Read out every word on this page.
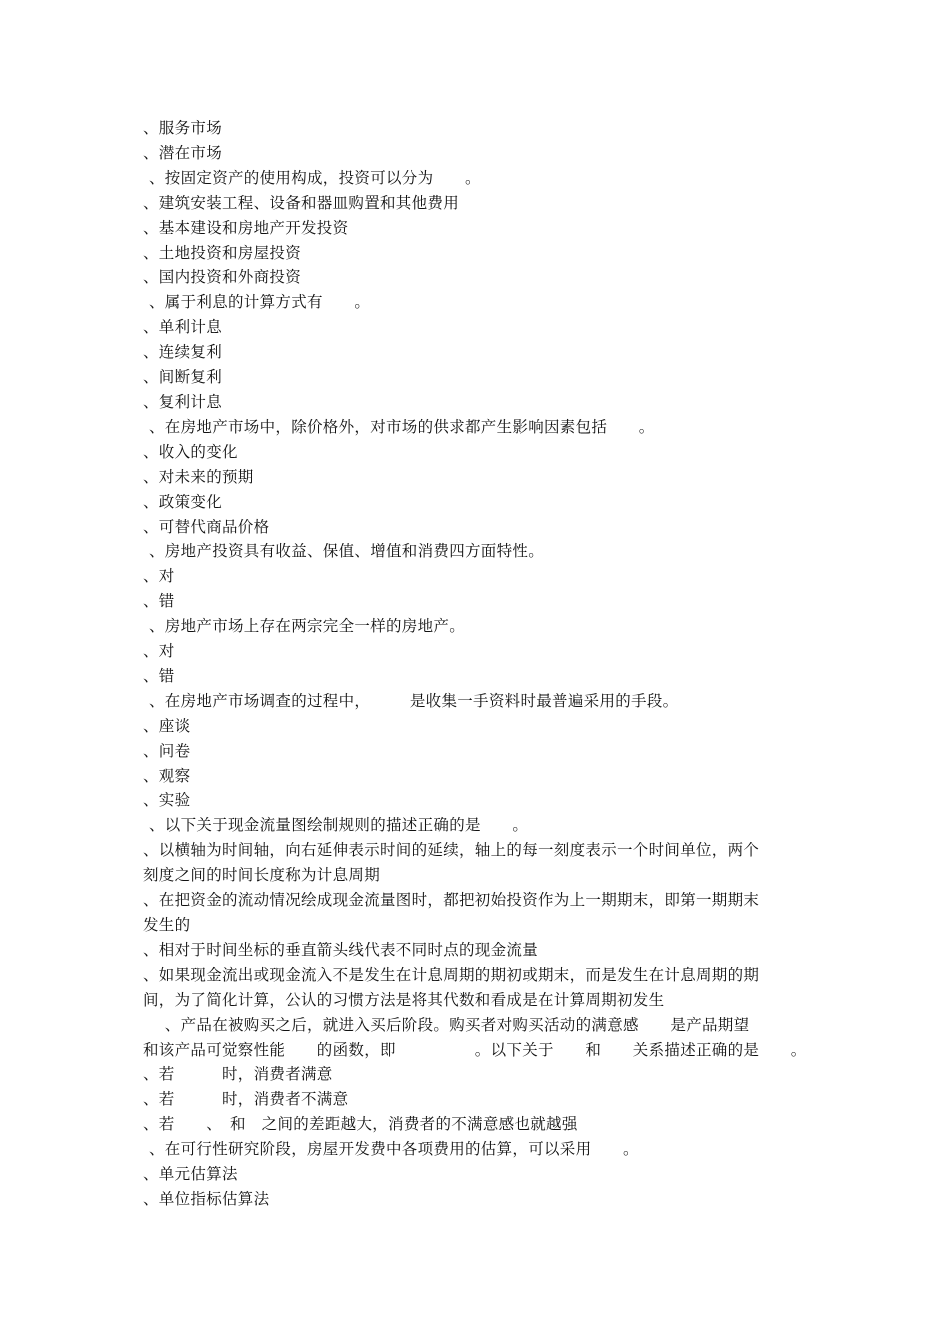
、服务市场

、潜在市场

、按固定资产的使用构成，投资可以分为　　。

、建筑安装工程、设备和器皿购置和其他费用

、基本建设和房地产开发投资

、土地投资和房屋投资

、国内投资和外商投资

、属于利息的计算方式有　　。

、单利计息

、连续复利

、间断复利

、复利计息

、在房地产市场中，除价格外，对市场的供求都产生影响因素包括　　。

、收入的变化

、对未来的预期

、政策变化

、可替代商品价格

、房地产投资具有收益、保值、增值和消费四方面特性。

、对

、错

、房地产市场上存在两宗完全一样的房地产。

、对

、错

、在房地产市场调查的过程中，　　　是收集一手资料时最普遍采用的手段。

、座谈

、问卷

、观察

、实验

、以下关于现金流量图绘制规则的描述正确的是　　。

、以横轴为时间轴，向右延伸表示时间的延续，轴上的每一刻度表示一个时间单位，两个

刻度之间的时间长度称为计息周期

、在把资金的流动情况绘成现金流量图时，都把初始投资作为上一期期末，即第一期期末

发生的

、相对于时间坐标的垂直箭头线代表不同时点的现金流量

、如果现金流出或现金流入不是发生在计息周期的期初或期末，而是发生在计息周期的期

间，为了简化计算，公认的习惯方法是将其代数和看成是在计算周期初发生

　、产品在被购买之后，就进入买后阶段。购买者对购买活动的满意感　　是产品期望

和该产品可觉察性能　　的函数，即　　　　　。以下关于　　和　　关系描述正确的是　　。

、若　　　时，消费者满意

、若　　　时，消费者不满意

、若　　、　和　之间的差距越大，消费者的不满意感也就越强

、在可行性研究阶段，房屋开发费中各项费用的估算，可以采用　　。

、单元估算法

、单位指标估算法
